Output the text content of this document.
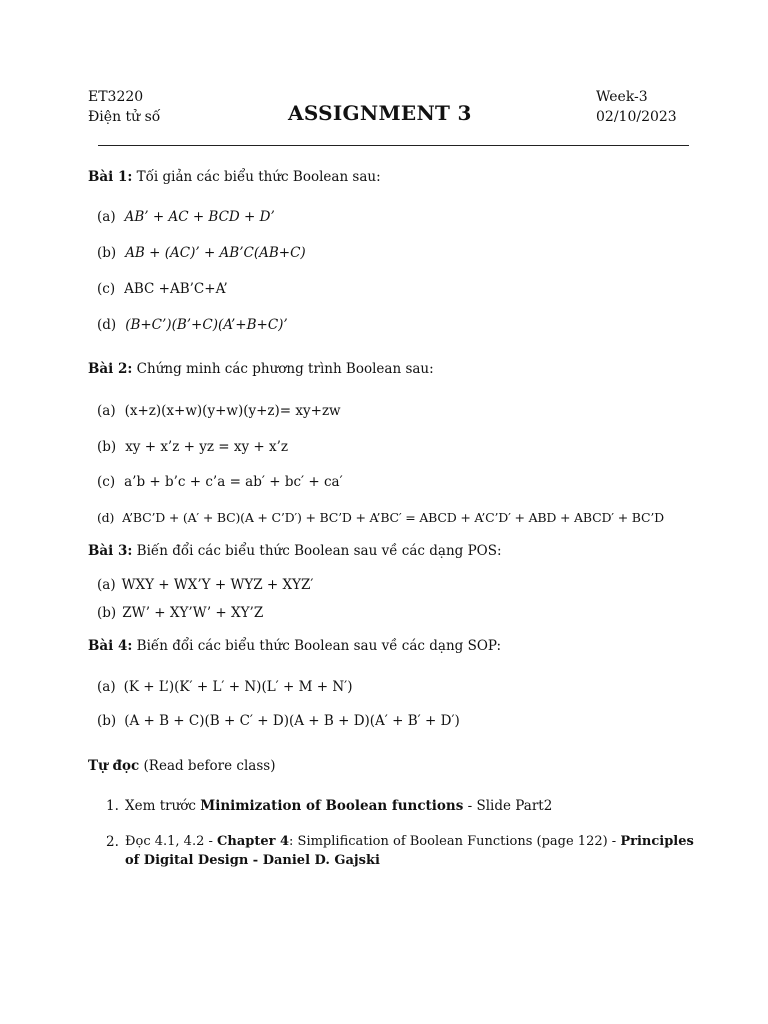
ET3220
Điện tử số	ASSIGNMENT 3
Week-3
02/10/2023
Bài 1: Tối giản các biểu thức Boolean sau:
(a) AB’ + AC + BCD + D’
(b) AB + (AC)’ + AB’C(AB+C)
(c) ABC +AB’C+A’
(d) (B+C’)(B’+C)(A’+B+C)’
Bài 2: Chứng minh các phương trình Boolean sau:
(a) (x+z)(x+w)(y+w)(y+z)= xy+zw
(b) xy + x’z + yz = xy + x’z
(c) a’b + b’c + c’a = ab′ + bc′ + ca′
(d) A’BC’D + (A′ + BC)(A + C’D′) + BC’D + A’BC′ = ABCD + A’C’D′ + ABD + ABCD′ + BC’D
Bài 3: Biến đổi các biểu thức Boolean sau về các dạng POS:
(a) WXY + WX’Y + WYZ + XYZ′
(b) ZW’ + XY’W’ + XY’Z
Bài 4: Biến đổi các biểu thức Boolean sau về các dạng SOP:
(a) (K + L’)(K′ + L′ + N)(L′ + M + N′)
(b) (A + B + C)(B + C′ + D)(A + B + D)(A′ + B′ + D′)
Tự đọc (Read before class)
1. Xem trước Minimization of Boolean functions - Slide Part2
2. Đọc 4.1, 4.2 - Chapter 4: Simplification of Boolean Functions (page 122) - Principles
of Digital Design - Daniel D. Gajski
